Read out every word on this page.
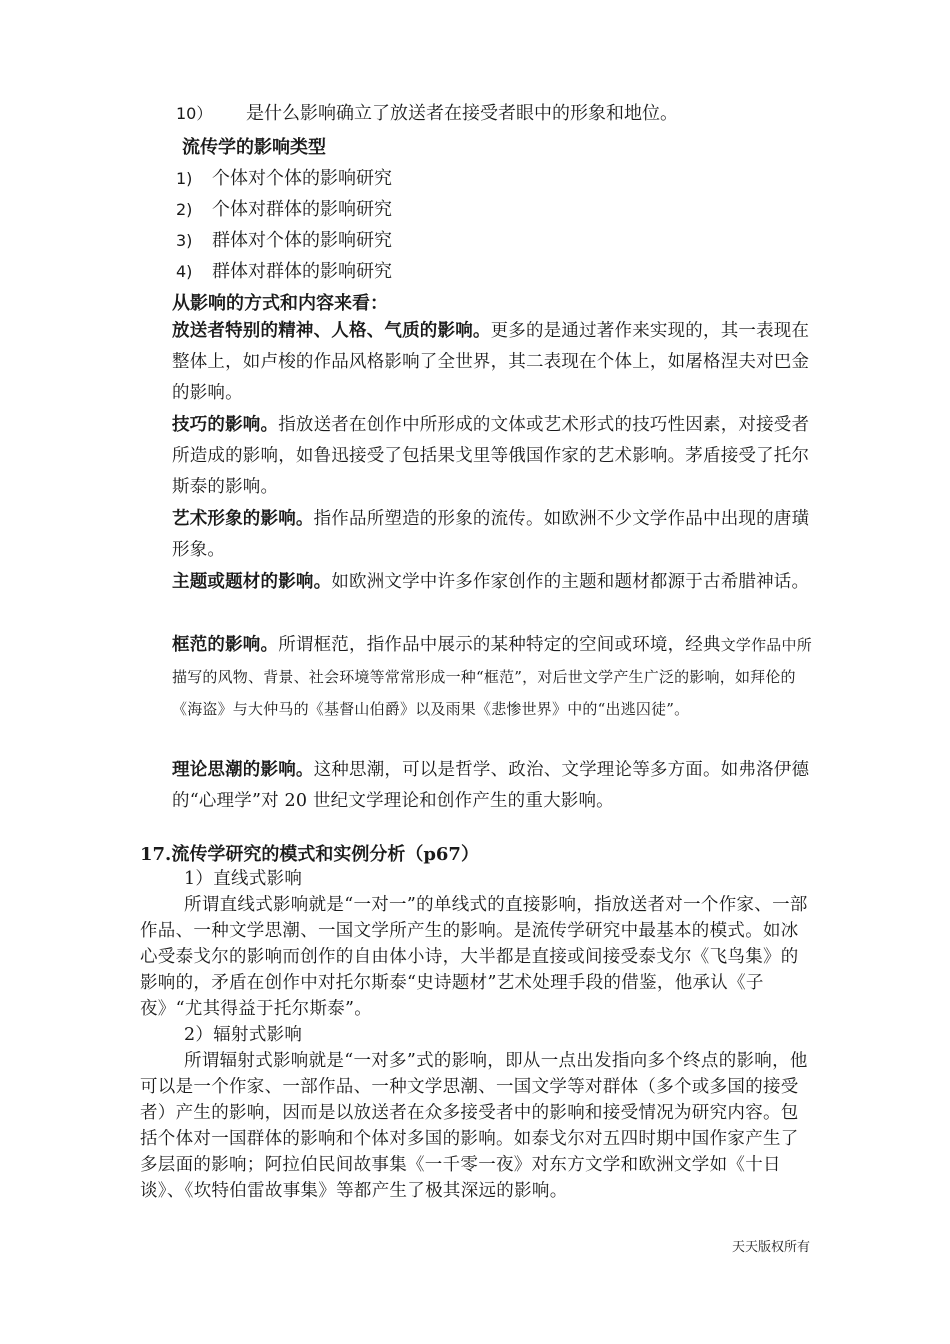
10） 是什么影响确立了放送者在接受者眼中的形象和地位。
流传学的影响类型
1) 个体对个体的影响研究
2) 个体对群体的影响研究
3) 群体对个体的影响研究
4) 群体对群体的影响研究
从影响的方式和内容来看：
放送者特别的精神、人格、气质的影响。更多的是通过著作来实现的，其一表现在整体上，如卢梭的作品风格影响了全世界，其二表现在个体上，如屠格涅夫对巴金的影响。
技巧的影响。指放送者在创作中所形成的文体或艺术形式的技巧性因素，对接受者所造成的影响，如鲁迅接受了包括果戈里等俄国作家的艺术影响。茅盾接受了托尔斯泰的影响。
艺术形象的影响。指作品所塑造的形象的流传。如欧洲不少文学作品中出现的唐璜形象。
主题或题材的影响。如欧洲文学中许多作家创作的主题和题材都源于古希腊神话。
框范的影响。所谓框范，指作品中展示的某种特定的空间或环境，经典文学作品中所描写的风物、背景、社会环境等常常形成一种“框范”，对后世文学产生广泛的影响，如拜伦的《海盗》与大仲马的《基督山伯爵》以及雨果《悲惨世界》中的“出逃囚徒”。
理论思潮的影响。这种思潮，可以是哲学、政治、文学理论等多方面。如弗洛伊德的“心理学”对 20 世纪文学理论和创作产生的重大影响。
17.流传学研究的模式和实例分析（p67）
1）直线式影响
所谓直线式影响就是“一对一”的单线式的直接影响，指放送者对一个作家、一部作品、一种文学思潮、一国文学所产生的影响。是流传学研究中最基本的模式。如冰心受泰戈尔的影响而创作的自由体小诗，大半都是直接或间接受泰戈尔《飞鸟集》的影响的，矛盾在创作中对托尔斯泰“史诗题材”艺术处理手段的借鉴，他承认《子夜》“尤其得益于托尔斯泰”。
2）辐射式影响
所谓辐射式影响就是“一对多”式的影响，即从一点出发指向多个终点的影响，他可以是一个作家、一部作品、一种文学思潮、一国文学等对群体（多个或多国的接受者）产生的影响，因而是以放送者在众多接受者中的影响和接受情况为研究内容。包括个体对一国群体的影响和个体对多国的影响。如泰戈尔对五四时期中国作家产生了多层面的影响；阿拉伯民间故事集《一千零一夜》对东方文学和欧洲文学如《十日谈》、《坎特伯雷故事集》等都产生了极其深远的影响。
天天版权所有
